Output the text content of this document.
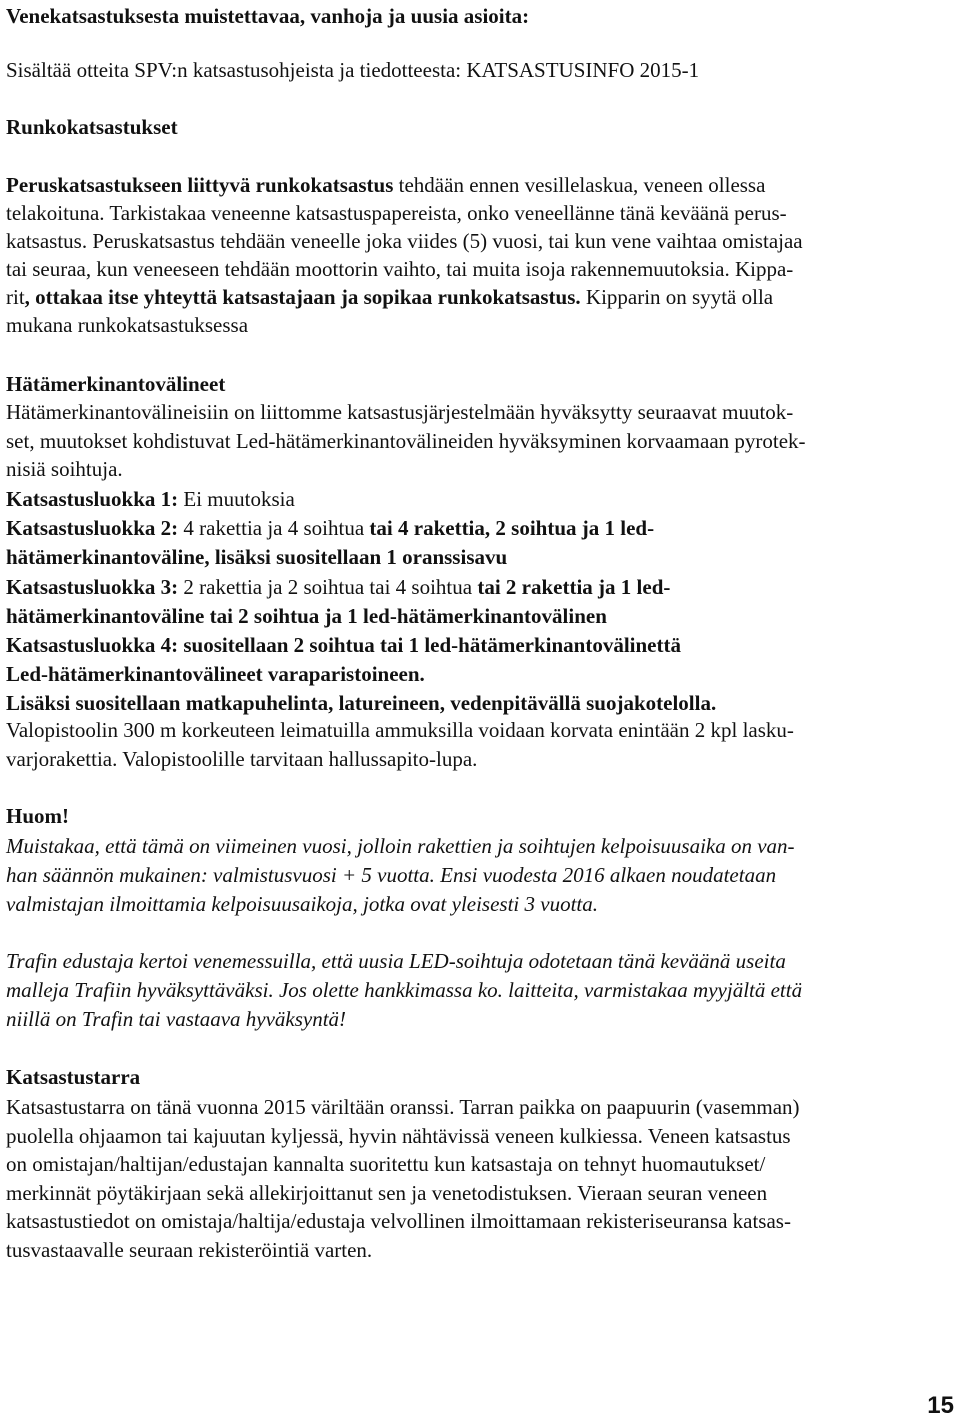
Venekatsastuksesta muistettavaa, vanhoja ja uusia asioita:
Sisältää otteita SPV:n katsastusohjeista ja tiedotteesta: KATSASTUSINFO 2015-1
Runkokatsastukset
Peruskatsastukseen liittyvä runkokatsastus tehdään ennen vesillelaskua, veneen ollessa
telakoituna. Tarkistakaa veneenne katsastuspapereista, onko veneellänne tänä keväänä perus-
katsastus. Peruskatsastus tehdään veneelle joka viides (5) vuosi, tai kun vene vaihtaa omistajaa
tai seuraa, kun veneeseen tehdään moottorin vaihto, tai muita isoja rakennemuutoksia. Kippa-
rit, ottakaa itse yhteyttä katsastajaan ja sopikaa runkokatsastus. Kipparin on syytä olla
mukana runkokatsastuksessa
Hätämerkinantovälineet
Hätämerkinantovälineisiin on liittomme katsastusjärjestelmään hyväksytty seuraavat muutok-
set, muutokset kohdistuvat Led-hätämerkinantovälineiden hyväksyminen korvaamaan pyrotek-
nisiä soihtuja.
Katsastusluokka 1: Ei muutoksia
Katsastusluokka 2: 4 rakettia ja 4 soihtua tai 4 rakettia, 2 soihtua ja 1 led-
hätämerkinantoväline, lisäksi suositellaan 1 oranssisavu
Katsastusluokka 3: 2 rakettia ja 2 soihtua tai 4 soihtua tai 2 rakettia ja 1 led-
hätämerkinantoväline tai 2 soihtua ja 1 led-hätämerkinantovälinen
Katsastusluokka 4: suositellaan 2 soihtua tai 1 led-hätämerkinantovälinettä
Led-hätämerkinantovälineet varaparistoineen.
Lisäksi suositellaan matkapuhelinta, latureineen, vedenpitävällä suojakotelolla.
Valopistoolin 300 m korkeuteen leimatuilla ammuksilla voidaan korvata enintään 2 kpl lasku-
varjorakettia. Valopistoolille tarvitaan hallussapito-lupa.
Huom!
Muistakaa, että tämä on viimeinen vuosi, jolloin rakettien ja soihtujen kelpoisuusaika on van-
han säännön mukainen: valmistusvuosi + 5 vuotta. Ensi vuodesta 2016 alkaen noudatetaan
valmistajan ilmoittamia kelpoisuusaikoja, jotka ovat yleisesti 3 vuotta.
Trafin edustaja kertoi venemessuilla, että uusia LED-soihtuja odotetaan tänä keväänä useita
malleja Trafiin hyväksyttäväksi. Jos olette hankkimassa ko. laitteita, varmistakaa myyjältä että
niillä on Trafin tai vastaava hyväksyntä!
Katsastustarra
Katsastustarra on tänä vuonna 2015 väriltään oranssi. Tarran paikka on paapuurin (vasemman)
puolella ohjaamon tai kajuutan kyljessä, hyvin nähtävissä veneen kulkiessa. Veneen katsastus
on omistajan/haltijan/edustajan kannalta suoritettu kun katsastaja on tehnyt huomautukset/
merkinnät pöytäkirjaan sekä allekirjoittanut sen ja venetodistuksen. Vieraan seuran veneen
katsastustiedot on omistaja/haltija/edustaja velvollinen ilmoittamaan rekisteriseuransa katsas-
tusvastaavalle seuraan rekisteröintiä varten.
15
